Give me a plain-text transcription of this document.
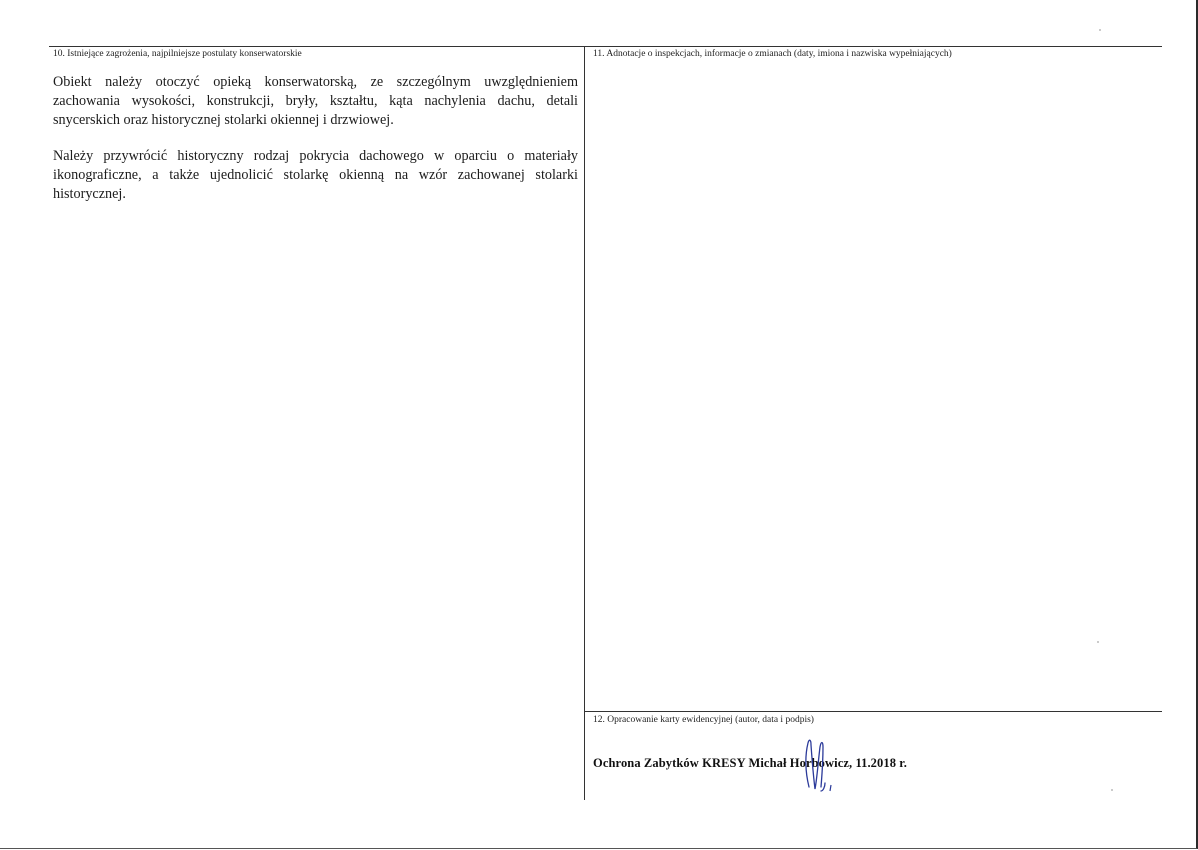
10. Istniejące zagrożenia, najpilniejsze postulaty konserwatorskie

Obiekt należy otoczyć opieką konserwatorską, ze szczególnym uwzględnieniem zachowania wysokości, konstrukcji, bryły, kształtu, kąta nachylenia dachu, detali snycerskich oraz historycznej stolarki okiennej i drzwiowej.

Należy przywrócić historyczny rodzaj pokrycia dachowego w oparciu o materiały ikonograficzne, a także ujednolicić stolarkę okienną na wzór zachowanej stolarki historycznej.

11. Adnotacje o inspekcjach, informacje o zmianach (daty, imiona i nazwiska wypełniających)
12. Opracowanie karty ewidencyjnej (autor, data i podpis)
Ochrona Zabytków KRESY Michał Horbowicz, 11.2018 r.
